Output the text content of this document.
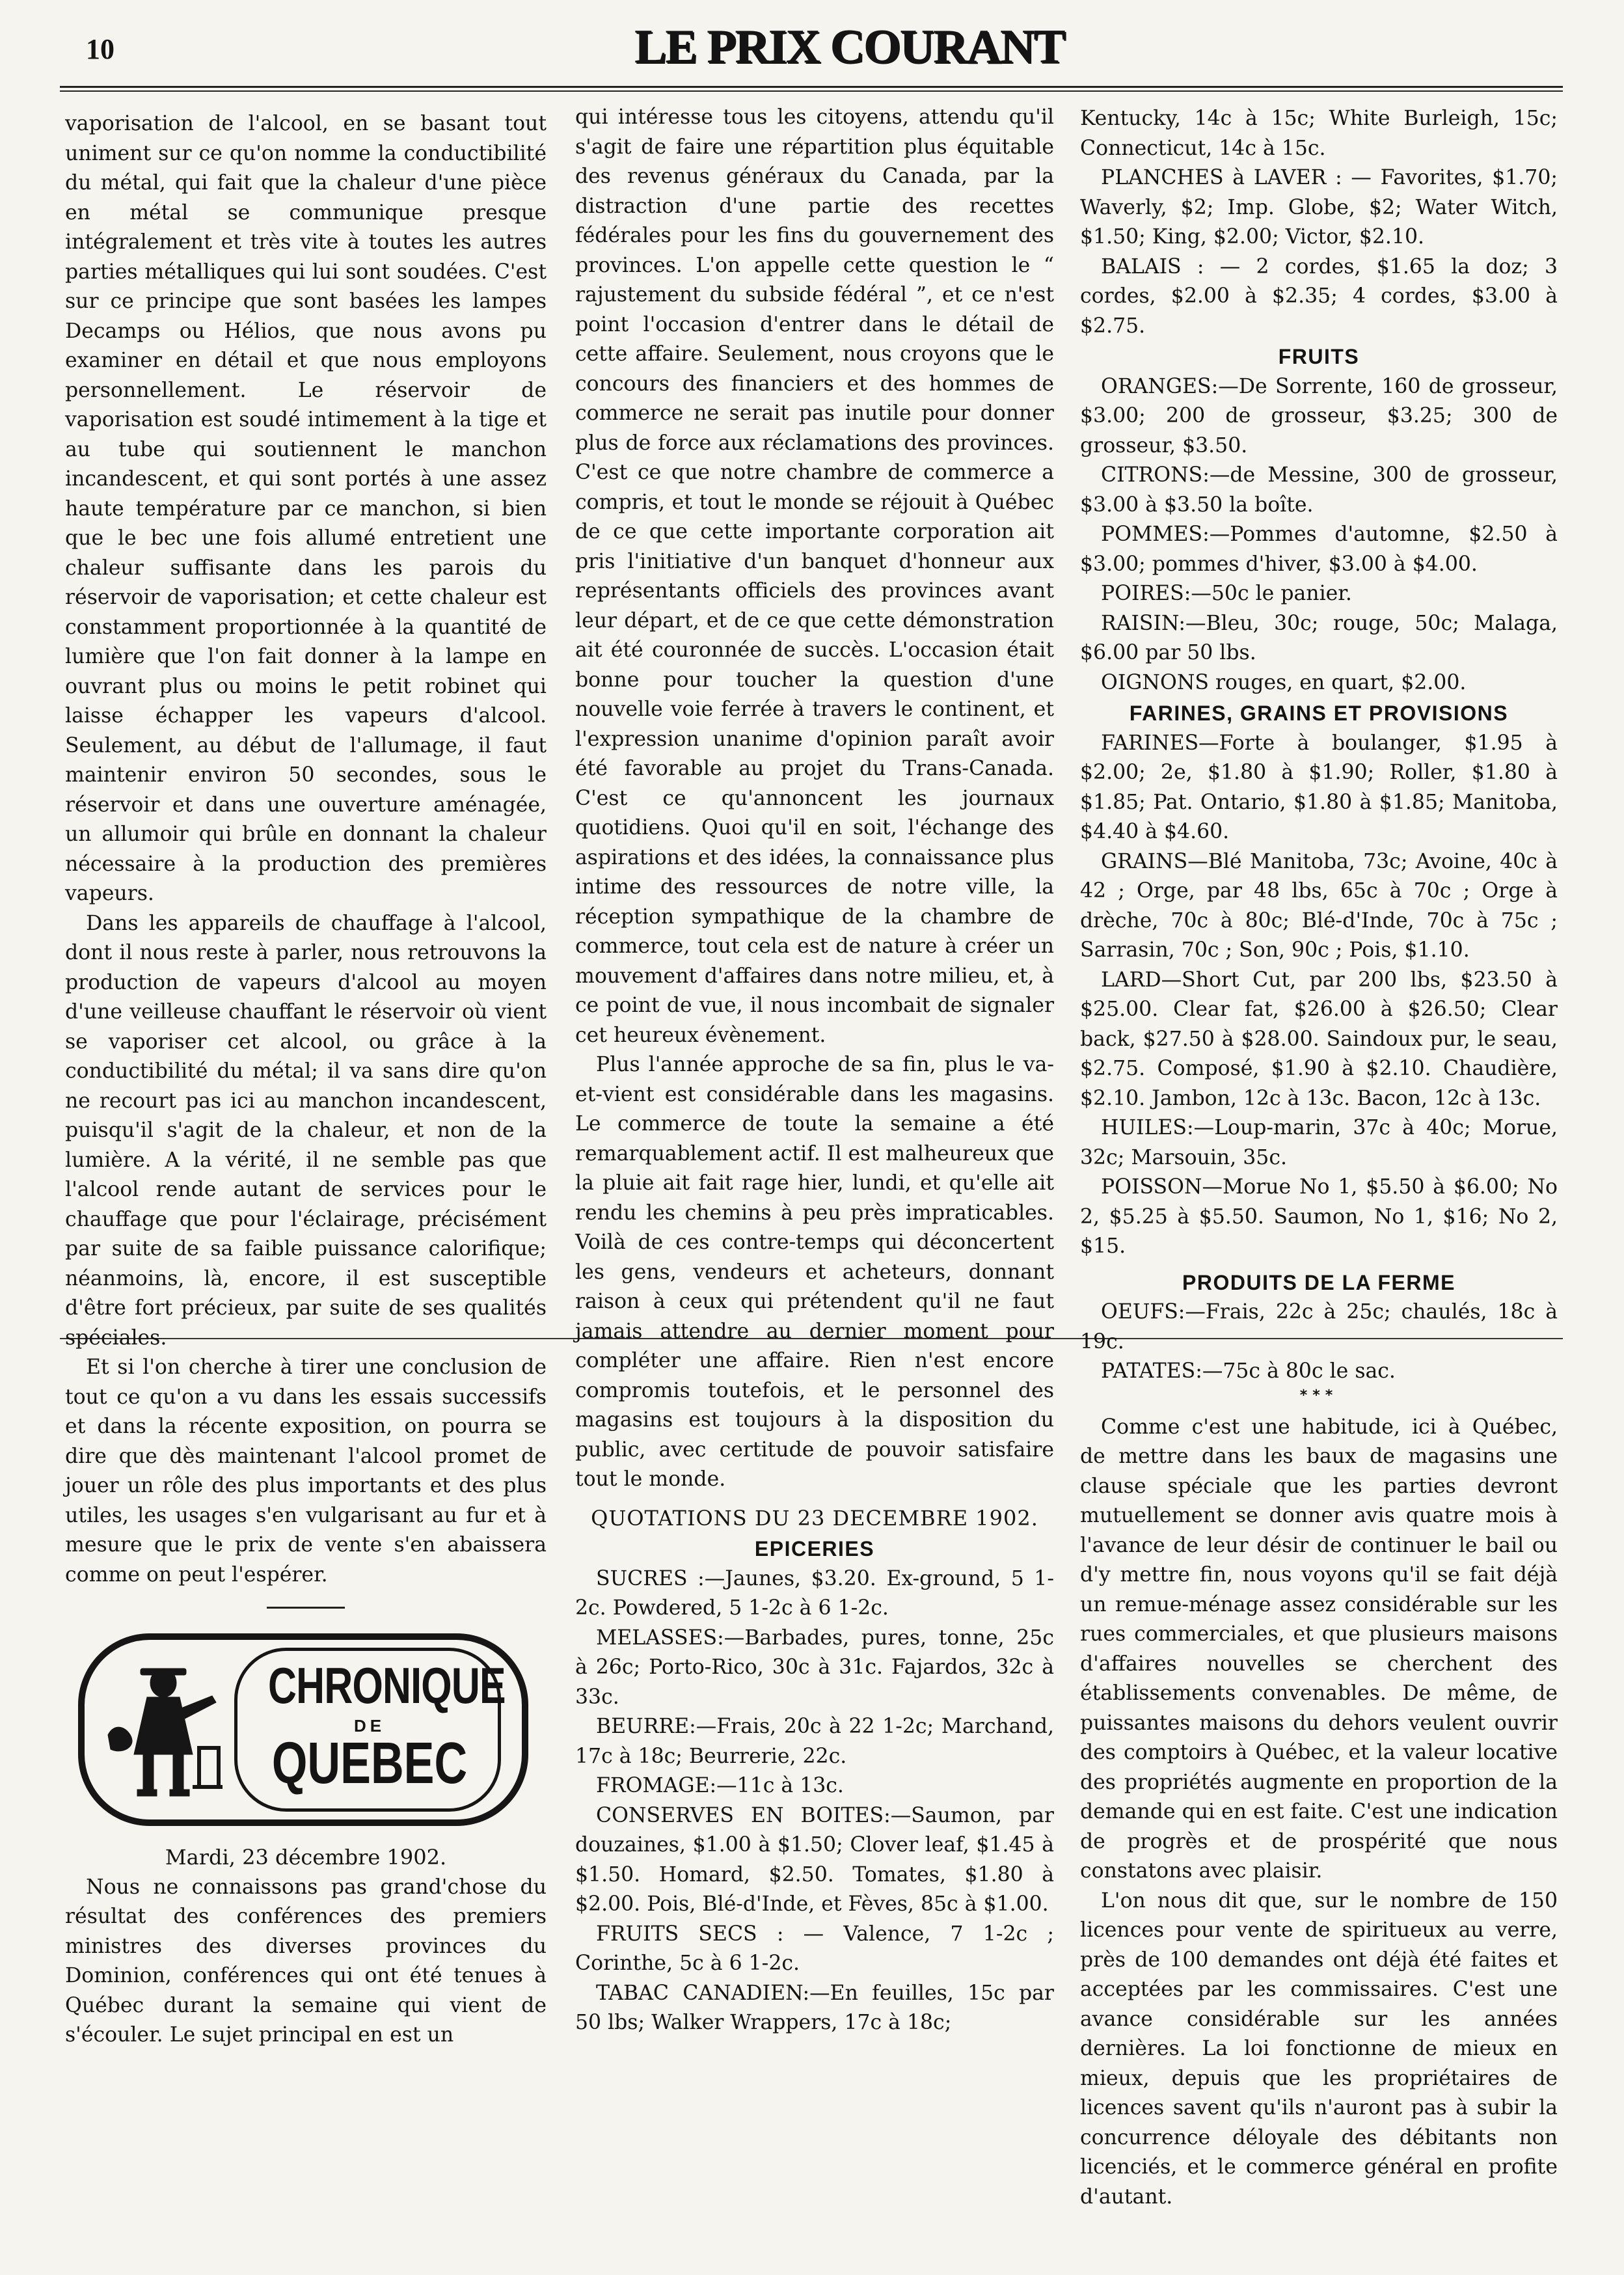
10	LE PRIX COURANT

vaporisation de l'alcool, en se basant tout uniment sur ce qu'on nomme la conductibilité du métal, qui fait que la chaleur d'une pièce en métal se communique presque intégralement et très vite à toutes les autres parties métalliques qui lui sont soudées. C'est sur ce principe que sont basées les lampes Decamps ou Hélios, que nous avons pu examiner en détail et que nous employons personnellement. Le réservoir de vaporisation est soudé intimement à la tige et au tube qui soutiennent le manchon incandescent, et qui sont portés à une assez haute température par ce manchon, si bien que le bec une fois allumé entretient une chaleur suffisante dans les parois du réservoir de vaporisation; et cette chaleur est constamment proportionnée à la quantité de lumière que l'on fait donner à la lampe en ouvrant plus ou moins le petit robinet qui laisse échapper les vapeurs d'alcool. Seulement, au début de l'allumage, il faut maintenir environ 50 secondes, sous le réservoir et dans une ouverture aménagée, un allumoir qui brûle en donnant la chaleur nécessaire à la production des premières vapeurs.

Dans les appareils de chauffage à l'alcool, dont il nous reste à parler, nous retrouvons la production de vapeurs d'alcool au moyen d'une veilleuse chauffant le réservoir où vient se vaporiser cet alcool, ou grâce à la conductibilité du métal; il va sans dire qu'on ne recourt pas ici au manchon incandescent, puisqu'il s'agit de la chaleur, et non de la lumière. A la vérité, il ne semble pas que l'alcool rende autant de services pour le chauffage que pour l'éclairage, précisément par suite de sa faible puissance calorifique; néanmoins, là, encore, il est susceptible d'être fort précieux, par suite de ses qualités spéciales.

Et si l'on cherche à tirer une conclusion de tout ce qu'on a vu dans les essais successifs et dans la récente exposition, on pourra se dire que dès maintenant l'alcool promet de jouer un rôle des plus importants et des plus utiles, les usages s'en vulgarisant au fur et à mesure que le prix de vente s'en abaissera comme on peut l'espérer.

CHRONIQUE
DE
QUEBEC
Mardi, 23 décembre 1902.

Nous ne connaissons pas grand'chose du résultat des conférences des premiers ministres des diverses provinces du Dominion, conférences qui ont été tenues à Québec durant la semaine qui vient de s'écouler. Le sujet principal en est un

qui intéresse tous les citoyens, attendu qu'il s'agit de faire une répartition plus équitable des revenus généraux du Canada, par la distraction d'une partie des recettes fédérales pour les fins du gouvernement des provinces. L'on appelle cette question le “ rajustement du subside fédéral ”, et ce n'est point l'occasion d'entrer dans le détail de cette affaire. Seulement, nous croyons que le concours des financiers et des hommes de commerce ne serait pas inutile pour donner plus de force aux réclamations des provinces. C'est ce que notre chambre de commerce a compris, et tout le monde se réjouit à Québec de ce que cette importante corporation ait pris l'initiative d'un banquet d'honneur aux représentants officiels des provinces avant leur départ, et de ce que cette démonstration ait été couronnée de succès. L'occasion était bonne pour toucher la question d'une nouvelle voie ferrée à travers le continent, et l'expression unanime d'opinion paraît avoir été favorable au projet du Trans-Canada. C'est ce qu'annoncent les journaux quotidiens. Quoi qu'il en soit, l'échange des aspirations et des idées, la connaissance plus intime des ressources de notre ville, la réception sympathique de la chambre de commerce, tout cela est de nature à créer un mouvement d'affaires dans notre milieu, et, à ce point de vue, il nous incombait de signaler cet heureux évènement.

Plus l'année approche de sa fin, plus le va-et-vient est considérable dans les magasins. Le commerce de toute la semaine a été remarquablement actif. Il est malheureux que la pluie ait fait rage hier, lundi, et qu'elle ait rendu les chemins à peu près impraticables. Voilà de ces contre-temps qui déconcertent les gens, vendeurs et acheteurs, donnant raison à ceux qui prétendent qu'il ne faut jamais attendre au dernier moment pour compléter une affaire. Rien n'est encore compromis toutefois, et le personnel des magasins est toujours à la disposition du public, avec certitude de pouvoir satisfaire tout le monde.

QUOTATIONS DU 23 DECEMBRE 1902.
EPICERIES

SUCRES :—Jaunes, $3.20. Ex-ground, 5 1-2c. Powdered, 5 1-2c à 6 1-2c.

MELASSES:—Barbades, pures, tonne, 25c à 26c; Porto-Rico, 30c à 31c. Fajardos, 32c à 33c.

BEURRE:—Frais, 20c à 22 1-2c; Marchand, 17c à 18c; Beurrerie, 22c.

FROMAGE:—11c à 13c.

CONSERVES EN BOITES:—Saumon, par douzaines, $1.00 à $1.50; Clover leaf, $1.45 à $1.50. Homard, $2.50. Tomates, $1.80 à $2.00. Pois, Blé-d'Inde, et Fèves, 85c à $1.00.

FRUITS SECS : — Valence, 7 1-2c ; Corinthe, 5c à 6 1-2c.

TABAC CANADIEN:—En feuilles, 15c par 50 lbs; Walker Wrappers, 17c à 18c;

Kentucky, 14c à 15c; White Burleigh, 15c; Connecticut, 14c à 15c.

PLANCHES à LAVER : — Favorites, $1.70; Waverly, $2; Imp. Globe, $2; Water Witch, $1.50; King, $2.00; Victor, $2.10.

BALAIS : — 2 cordes, $1.65 la doz; 3 cordes, $2.00 à $2.35; 4 cordes, $3.00 à $2.75.

FRUITS

ORANGES:—De Sorrente, 160 de grosseur, $3.00; 200 de grosseur, $3.25; 300 de grosseur, $3.50.

CITRONS:—de Messine, 300 de grosseur, $3.00 à $3.50 la boîte.

POMMES:—Pommes d'automne, $2.50 à $3.00; pommes d'hiver, $3.00 à $4.00.

POIRES:—50c le panier.

RAISIN:—Bleu, 30c; rouge, 50c; Malaga, $6.00 par 50 lbs.

OIGNONS rouges, en quart, $2.00.

FARINES, GRAINS ET PROVISIONS

FARINES—Forte à boulanger, $1.95 à $2.00; 2e, $1.80 à $1.90; Roller, $1.80 à $1.85; Pat. Ontario, $1.80 à $1.85; Manitoba, $4.40 à $4.60.

GRAINS—Blé Manitoba, 73c; Avoine, 40c à 42 ; Orge, par 48 lbs, 65c à 70c ; Orge à drèche, 70c à 80c; Blé-d'Inde, 70c à 75c ; Sarrasin, 70c ; Son, 90c ; Pois, $1.10.

LARD—Short Cut, par 200 lbs, $23.50 à $25.00. Clear fat, $26.00 à $26.50; Clear back, $27.50 à $28.00. Saindoux pur, le seau, $2.75. Composé, $1.90 à $2.10. Chaudière, $2.10. Jambon, 12c à 13c. Bacon, 12c à 13c.

HUILES:—Loup-marin, 37c à 40c; Morue, 32c; Marsouin, 35c.

POISSON—Morue No 1, $5.50 à $6.00; No 2, $5.25 à $5.50. Saumon, No 1, $16; No 2, $15.

PRODUITS DE LA FERME

OEUFS:—Frais, 22c à 25c; chaulés, 18c à 19c.

PATATES:—75c à 80c le sac.

***

Comme c'est une habitude, ici à Québec, de mettre dans les baux de magasins une clause spéciale que les parties devront mutuellement se donner avis quatre mois à l'avance de leur désir de continuer le bail ou d'y mettre fin, nous voyons qu'il se fait déjà un remue-ménage assez considérable sur les rues commerciales, et que plusieurs maisons d'affaires nouvelles se cherchent des établissements convenables. De même, de puissantes maisons du dehors veulent ouvrir des comptoirs à Québec, et la valeur locative des propriétés augmente en proportion de la demande qui en est faite. C'est une indication de progrès et de prospérité que nous constatons avec plaisir.

L'on nous dit que, sur le nombre de 150 licences pour vente de spiritueux au verre, près de 100 demandes ont déjà été faites et acceptées par les commissaires. C'est une avance considérable sur les années dernières. La loi fonctionne de mieux en mieux, depuis que les propriétaires de licences savent qu'ils n'auront pas à subir la concurrence déloyale des débitants non licenciés, et le commerce général en profite d'autant.
